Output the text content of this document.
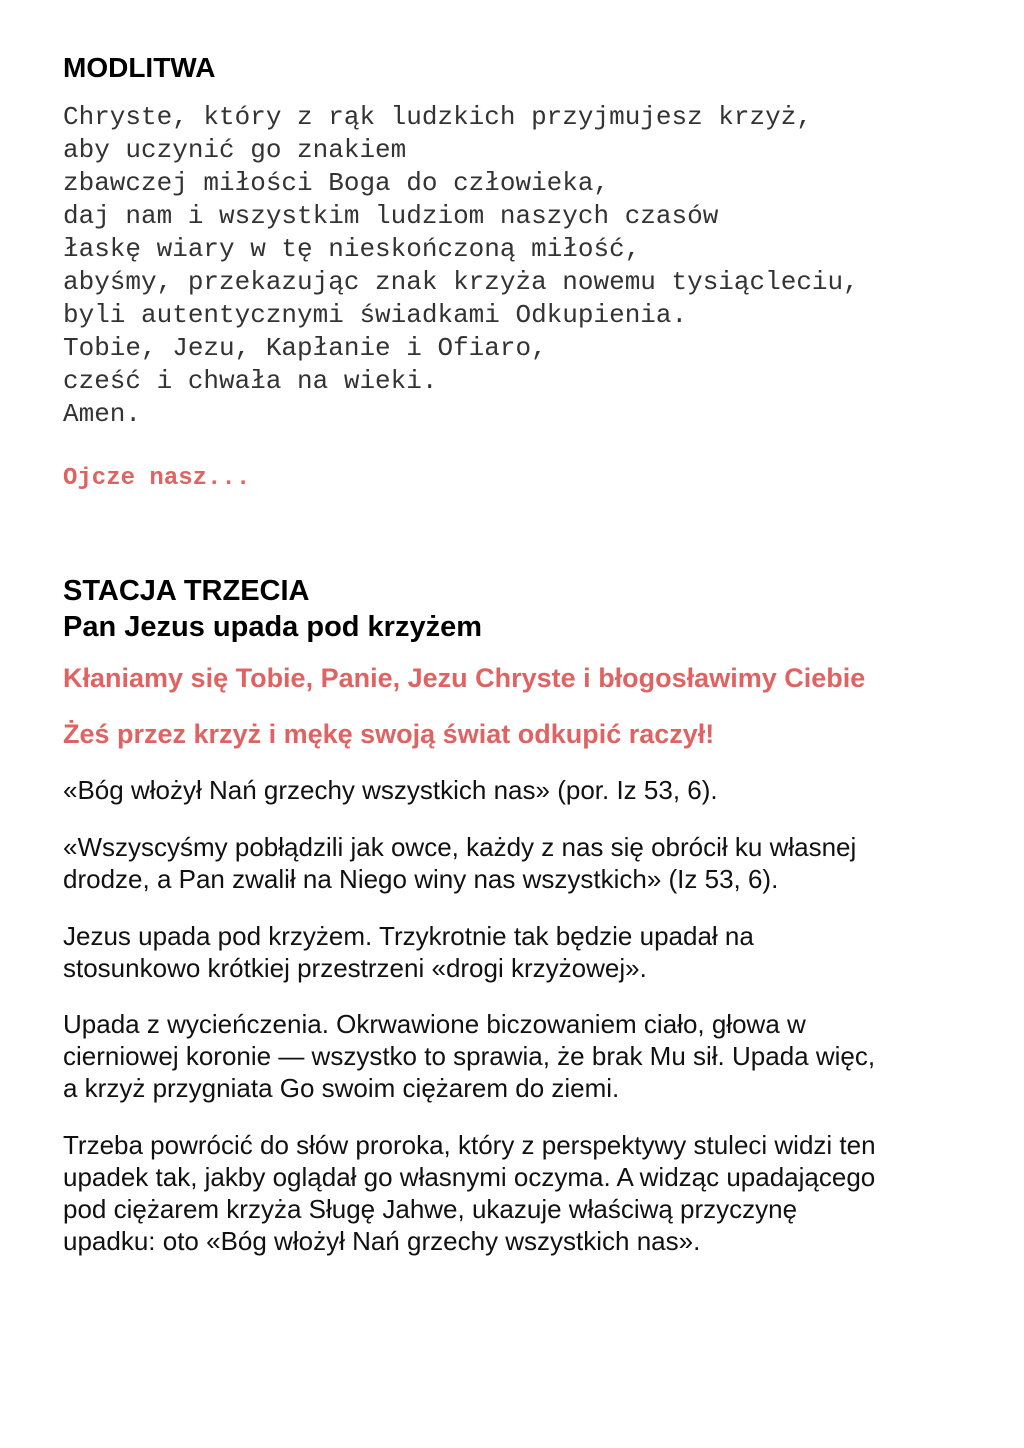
MODLITWA
Chryste, który z rąk ludzkich przyjmujesz krzyż,
aby uczynić go znakiem
zbawczej miłości Boga do człowieka,
daj nam i wszystkim ludziom naszych czasów
łaskę wiary w tę nieskończoną miłość,
abyśmy, przekazując znak krzyża nowemu tysiącleciu,
byli autentycznymi świadkami Odkupienia.
Tobie, Jezu, Kapłanie i Ofiaro,
cześć i chwała na wieki.
Amen.
Ojcze nasz...
STACJA TRZECIA
Pan Jezus upada pod krzyżem
Kłaniamy się Tobie, Panie, Jezu Chryste i błogosławimy Ciebie
Żeś przez krzyż i mękę swoją świat odkupić raczył!
«Bóg włożył Nań grzechy wszystkich nas» (por. Iz 53, 6).
«Wszyscyśmy pobłądzili jak owce, każdy z nas się obrócił ku własnej
drodze, a Pan zwalił na Niego winy nas wszystkich» (Iz 53, 6).
Jezus upada pod krzyżem. Trzykrotnie tak będzie upadał na
stosunkowo krótkiej przestrzeni «drogi krzyżowej».
Upada z wycieńczenia. Okrwawione biczowaniem ciało, głowa w
cierniowej koronie — wszystko to sprawia, że brak Mu sił. Upada więc,
a krzyż przygniata Go swoim ciężarem do ziemi.
Trzeba powrócić do słów proroka, który z perspektywy stuleci widzi ten
upadek tak, jakby oglądał go własnymi oczyma. A widząc upadającego
pod ciężarem krzyża Sługę Jahwe, ukazuje właściwą przyczynę
upadku: oto «Bóg włożył Nań grzechy wszystkich nas».
